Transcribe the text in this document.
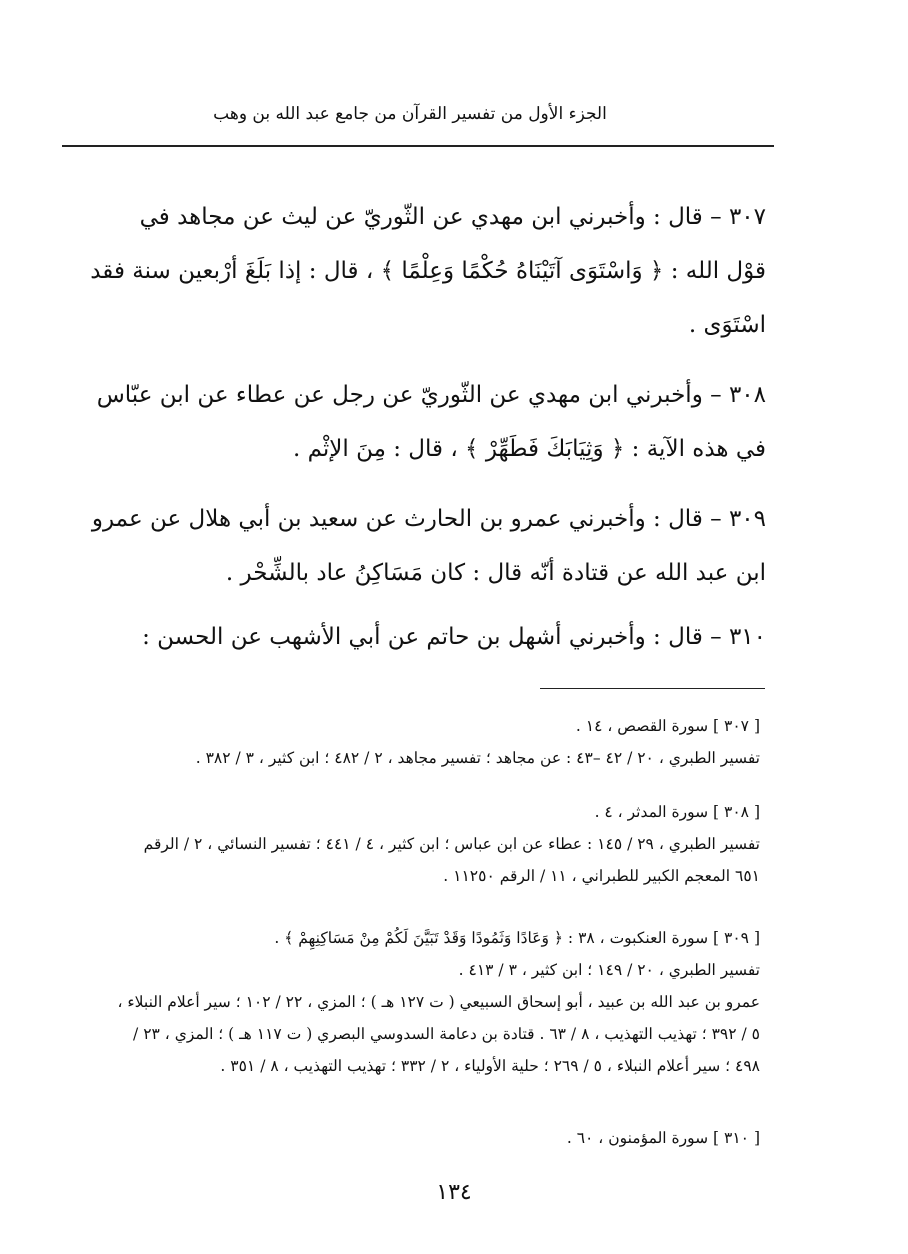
الجزء الأول من تفسير القرآن من جامع عبد الله بن وهب
٣٠٧ – قال : وأخبرني ابن مهدي عن الثّوريّ عن ليث عن مجاهد في
قوْل الله : ﴿ وَاسْتَوَى آتَيْنَاهُ حُكْمًا وَعِلْمًا ﴾ ، قال : إذا بَلَغَ أرْبعين سنة فقد
اسْتَوَى .
٣٠٨ – وأخبرني ابن مهدي عن الثّوريّ عن رجل عن عطاء عن ابن عبّاس
في هذه الآية : ﴿ وَثِيَابَكَ فَطَهِّرْ ﴾ ، قال : مِنَ الإثْم .
٣٠٩ – قال : وأخبرني عمرو بن الحارث عن سعيد بن أبي هلال عن عمرو
ابن عبد الله عن قتادة أنّه قال : كان مَسَاكِنُ عاد بالشِّحْر .
٣١٠ – قال : وأخبرني أشهل بن حاتم عن أبي الأشهب عن الحسن :
[ ٣٠٧ ] سورة القصص ، ١٤ .
تفسير الطبري ، ٢٠ / ٤٢ –٤٣ : عن مجاهد ؛ تفسير مجاهد ، ٢ / ٤٨٢ ؛ ابن كثير ، ٣ / ٣٨٢ .
[ ٣٠٨ ] سورة المدثر ، ٤ .
تفسير الطبري ، ٢٩ / ١٤٥ : عطاء عن ابن عباس ؛ ابن كثير ، ٤ / ٤٤١ ؛ تفسير النسائي ، ٢ / الرقم
٦٥١ المعجم الكبير للطبراني ، ١١ / الرقم ١١٢٥٠ .
[ ٣٠٩ ] سورة العنكبوت ، ٣٨ : ﴿ وَعَادًا وَثَمُودًا وَقَدْ تَبَيَّنَ لَكُمْ مِنْ مَسَاكِنِهِمْ ﴾ .
تفسير الطبري ، ٢٠ / ١٤٩ ؛ ابن كثير ، ٣ / ٤١٣ .
عمرو بن عبد الله بن عبيد ، أبو إسحاق السبيعي ( ت ١٢٧ هـ ) ؛ المزي ، ٢٢ / ١٠٢ ؛ سير أعلام النبلاء ،
٥ / ٣٩٢ ؛ تهذيب التهذيب ، ٨ / ٦٣ . قتادة بن دعامة السدوسي البصري ( ت ١١٧ هـ ) ؛ المزي ، ٢٣ /
٤٩٨ ؛ سير أعلام النبلاء ، ٥ / ٢٦٩ ؛ حلية الأولياء ، ٢ / ٣٣٢ ؛ تهذيب التهذيب ، ٨ / ٣٥١ .
[ ٣١٠ ] سورة المؤمنون ، ٦٠ .
١٣٤
